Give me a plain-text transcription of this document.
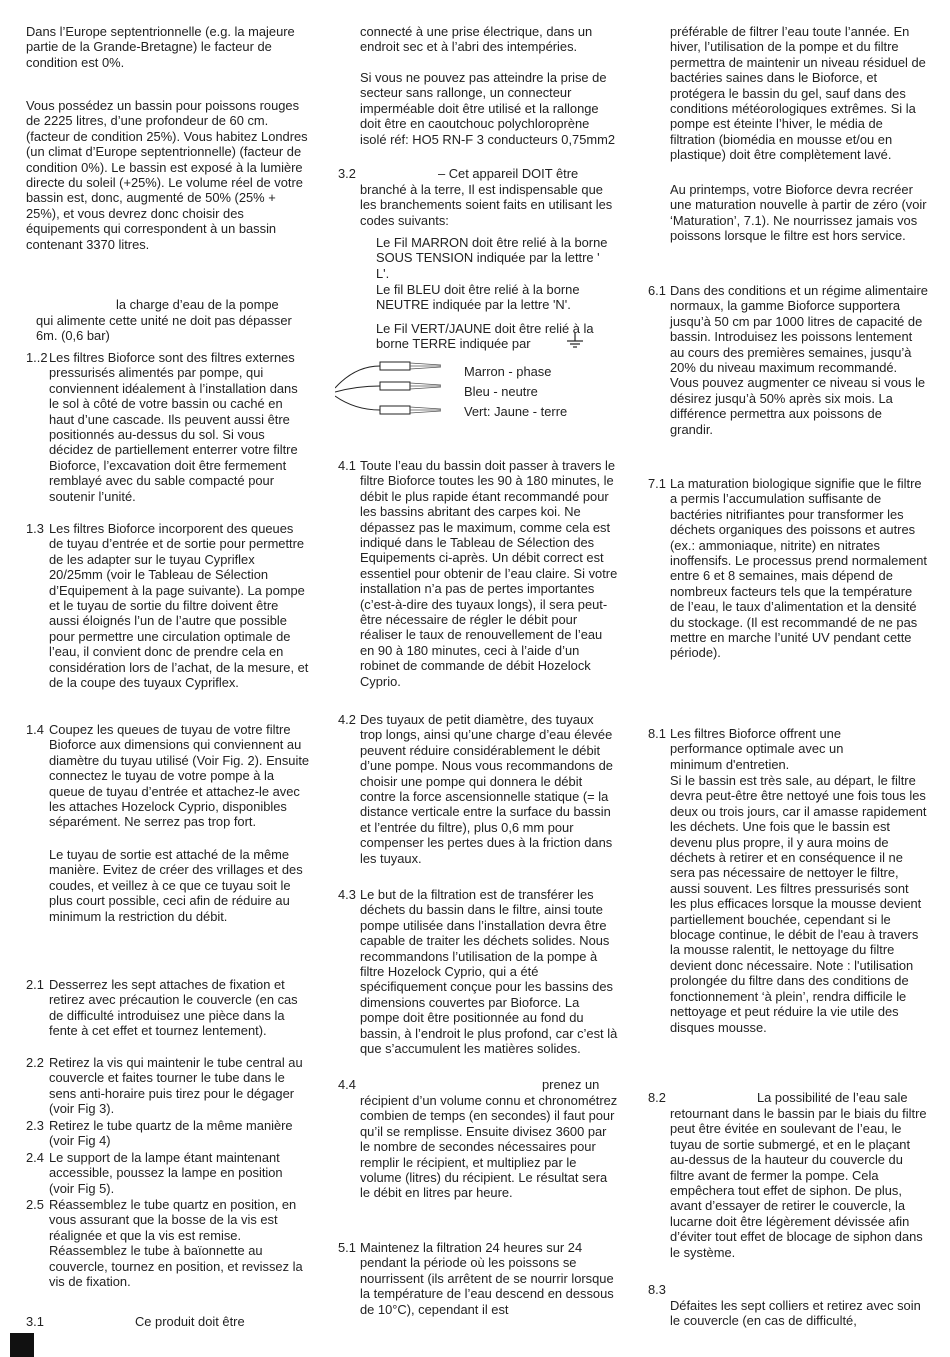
Dans l’Europe septentrionnelle (e.g. la majeure partie de la Grande-Bretagne) le facteur de condition est 0%.

Vous possédez un bassin pour poissons rouges de 2225 litres, d’une profondeur de 60 cm. (facteur de condition 25%). Vous habitez Londres (un climat d’Europe septentrionnelle) (facteur de condition 0%). Le bassin est exposé à la lumière directe du soleil (+25%). Le volume réel de votre bassin est, donc, augmenté de 50% (25% + 25%), et vous devrez donc choisir des équipements qui correspondent à un bassin contenant 3370 litres.

la charge d’eau de la pompe

qui alimente cette unité ne doit pas dépasser 6m. (0,6 bar)

1..2 Les filtres Bioforce sont des filtres externes pressurisés alimentés par pompe, qui conviennent idéalement à l’installation dans le sol à côté de votre bassin ou caché en haut d’une cascade. Ils peuvent aussi être positionnés au-dessus du sol. Si vous décidez de partiellement enterrer votre filtre Bioforce, l’excavation doit être fermement remblayé avec du sable compacté pour soutenir l’unité.

1.3 Les filtres Bioforce incorporent des queues de tuyau d’entrée et de sortie pour permettre de les adapter sur le tuyau Cypriflex 20/25mm (voir le Tableau de Sélection d’Equipement à la page suivante). La pompe et le tuyau de sortie du filtre doivent être aussi éloignés l’un de l’autre que possible pour permettre une circulation optimale de l’eau, il convient donc de prendre cela en considération lors de l’achat, de la mesure, et de la coupe des tuyaux Cypriflex.

1.4 Coupez les queues de tuyau de votre filtre Bioforce aux dimensions qui conviennent au diamètre du tuyau utilisé (Voir Fig. 2). Ensuite connectez le tuyau de votre pompe à la queue de tuyau d’entrée et attachez-le avec les attaches Hozelock Cyprio, disponibles séparément. Ne serrez pas trop fort.

Le tuyau de sortie est attaché de la même manière. Evitez de créer des vrillages et des coudes, et veillez à ce que ce tuyau soit le plus court possible, ceci afin de réduire au minimum la restriction du débit.

2.1 Desserrez les sept attaches de fixation et retirez avec précaution le couvercle (en cas de difficulté introduisez une pièce dans la fente à cet effet et tournez lentement).

2.2 Retirez la vis qui maintenir le tube central au couvercle et faites tourner le tube dans le sens anti-horaire puis tirez pour le dégager (voir Fig 3).

2.3 Retirez le tube quartz de la même manière (voir Fig 4)

2.4 Le support de la lampe étant maintenant accessible, poussez la lampe en position (voir Fig 5).

2.5 Réassemblez le tube quartz en position, en vous assurant que la bosse de la vis est réalignée et que la vis est remise. Réassemblez le tube à baïonnette au couvercle, tournez en position, et revissez la vis de fixation.

3.1	Ce produit doit être

connecté à une prise électrique, dans un endroit sec et à l’abri des intempéries.

Si vous ne pouvez pas atteindre la prise de secteur sans rallonge, un connecteur imperméable doit être utilisé et la rallonge doit être en caoutchouc polychloroprène isolé réf: HO5 RN-F 3 conducteurs 0,75mm2

3.2	– Cet appareil DOIT être

branché à la terre, Il est indispensable que les branchements soient faits en utilisant les codes suivants:

Le Fil MARRON doit être relié à la borne SOUS TENSION indiquée par la lettre ' L'.

Le fil BLEU doit être relié à la borne NEUTRE indiquée par la lettre 'N'.

Le Fil VERT/JAUNE doit être relié à la borne TERRE indiquée par

Marron - phase
Bleu - neutre
Vert: Jaune - terre
4.1 Toute l’eau du bassin doit passer à travers le filtre Bioforce toutes les 90 à 180 minutes, le débit le plus rapide étant recommandé pour les bassins abritant des carpes koi. Ne dépassez pas le maximum, comme cela est indiqué dans le Tableau de Sélection des Equipements ci-après. Un débit correct est essentiel pour obtenir de l’eau claire. Si votre installation n’a pas de pertes importantes (c’est-à-dire des tuyaux longs), il sera peut-être nécessaire de régler le débit pour réaliser le taux de renouvellement de l’eau en 90 à 180 minutes, ceci à l’aide d’un robinet de commande de débit Hozelock Cyprio.

4.2 Des tuyaux de petit diamètre, des tuyaux trop longs, ainsi qu’une charge d’eau élevée peuvent réduire considérablement le débit d’une pompe. Nous vous recommandons de choisir une pompe qui donnera le débit contre la force ascensionnelle statique (= la distance verticale entre la surface du bassin et l’entrée du filtre), plus 0,6 mm pour compenser les pertes dues à la friction dans les tuyaux.

4.3 Le but de la filtration est de transférer les déchets du bassin dans le filtre, ainsi toute pompe utilisée dans l’installation devra être capable de traiter les déchets solides. Nous recommandons l’utilisation de la pompe à filtre Hozelock Cyprio, qui a été spécifiquement conçue pour les bassins des dimensions couvertes par Bioforce. La pompe doit être positionnée au fond du bassin, à l’endroit le plus profond, car c’est là que s’accumulent les matières solides.

4.4	prenez un

récipient d’un volume connu et chronométrez combien de temps (en secondes) il faut pour qu’il se remplisse. Ensuite divisez 3600 par le nombre de secondes nécessaires pour remplir le récipient, et multipliez par le volume (litres) du récipient. Le résultat sera le débit en litres par heure.

5.1 Maintenez la filtration 24 heures sur 24 pendant la période où les poissons se nourrissent (ils arrêtent de se nourrir lorsque la température de l’eau descend en dessous de 10°C), cependant il est

préférable de filtrer l’eau toute l’année. En hiver, l’utilisation de la pompe et du filtre permettra de maintenir un niveau résiduel de bactéries saines dans le Bioforce, et protégera le bassin du gel, sauf dans des conditions météorologiques extrêmes. Si la pompe est éteinte l’hiver, le média de filtration (biomédia en mousse et/ou en plastique) doit être complètement lavé.

Au printemps, votre Bioforce devra recréer une maturation nouvelle à partir de zéro (voir ‘Maturation’, 7.1). Ne nourrissez jamais vos poissons lorsque le filtre est hors service.

6.1 Dans des conditions et un régime alimentaire normaux, la gamme Bioforce supportera jusqu’à 50 cm par 1000 litres de capacité de bassin. Introduisez les poissons lentement au cours des premières semaines, jusqu’à 20% du niveau maximum recommandé. Vous pouvez augmenter ce niveau si vous le désirez jusqu’à 50% après six mois. La différence permettra aux poissons de grandir.

7.1 La maturation biologique signifie que le filtre a permis l’accumulation suffisante de bactéries nitrifiantes pour transformer les déchets organiques des poissons et autres (ex.: ammoniaque, nitrite) en nitrates inoffensifs. Le processus prend normalement entre 6 et 8 semaines, mais dépend de nombreux facteurs tels que la température de l’eau, le taux d’alimentation et la densité du stockage. (Il est recommandé de ne pas mettre en marche l’unité UV pendant cette période).

8.1 Les filtres Bioforce offrent une performance optimale avec un minimum d'entretien.

Si le bassin est très sale, au départ, le filtre devra peut-être être nettoyé une fois tous les deux ou trois jours, car il amasse rapidement les déchets. Une fois que le bassin est devenu plus propre, il y aura moins de déchets à retirer et en conséquence il ne sera pas nécessaire de nettoyer le filtre, aussi souvent. Les filtres pressurisés sont les plus efficaces lorsque la mousse devient partiellement bouchée, cependant si le blocage continue, le débit de l'eau à travers la mousse ralentit, le nettoyage du filtre devient donc nécessaire. Note : l'utilisation prolongée du filtre dans des conditions de fonctionnement ‘à plein’, rendra difficile le nettoyage et peut réduire la vie utile des disques mousse.

8.2	La possibilité de l’eau sale

retournant dans le bassin par le biais du filtre peut être évitée en soulevant de l’eau, le tuyau de sortie submergé, et en le plaçant au-dessus de la hauteur du couvercle du filtre avant de fermer la pompe. Cela empêchera tout effet de siphon. De plus, avant d’essayer de retirer le couvercle, la lucarne doit être légèrement dévissée afin d’éviter tout effet de blocage de siphon dans le système.

8.3

Défaites les sept colliers et retirez avec soin le couvercle (en cas de difficulté,
